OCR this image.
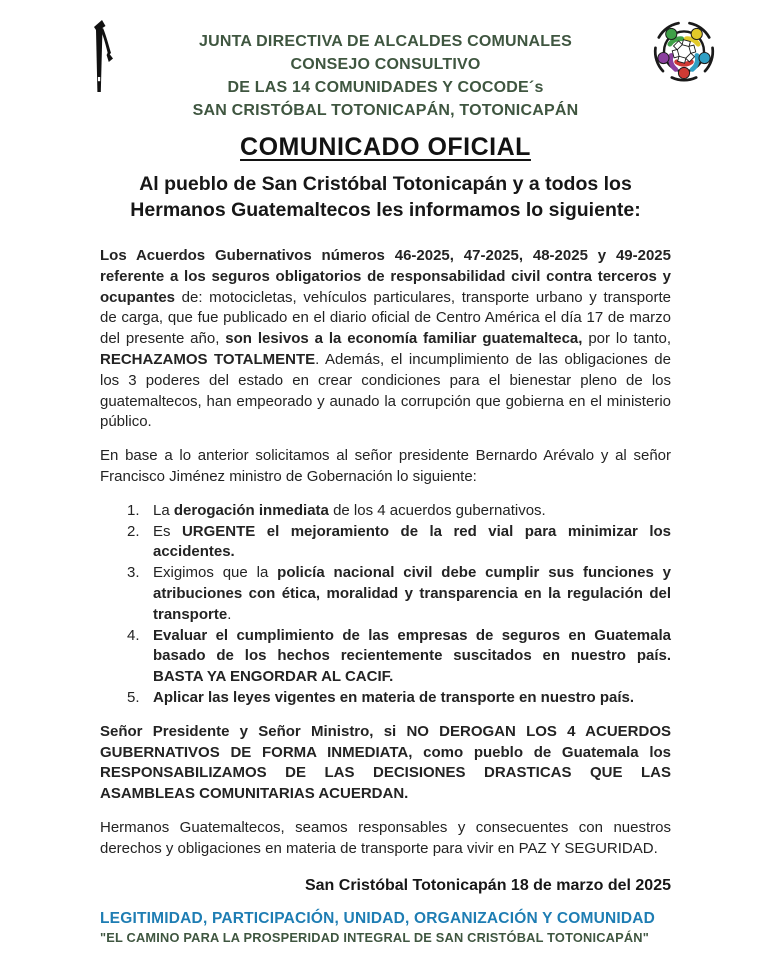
JUNTA DIRECTIVA DE ALCALDES COMUNALES
CONSEJO CONSULTIVO
DE LAS 14 COMUNIDADES Y COCODE´s
SAN CRISTÓBAL TOTONICAPÁN, TOTONICAPÁN
COMUNICADO OFICIAL
Al pueblo de San Cristóbal Totonicapán y a todos los
Hermanos Guatemaltecos les informamos lo siguiente:

Los Acuerdos Gubernativos números 46-2025, 47-2025, 48-2025 y 49-2025 referente a los seguros obligatorios de responsabilidad civil contra terceros y ocupantes de: motocicletas, vehículos particulares, transporte urbano y transporte de carga, que fue publicado en el diario oficial de Centro América el día 17 de marzo del presente año, son lesivos a la economía familiar guatemalteca, por lo tanto, RECHAZAMOS TOTALMENTE. Además, el incumplimiento de las obligaciones de los 3 poderes del estado en crear condiciones para el bienestar pleno de los guatemaltecos, han empeorado y aunado la corrupción que gobierna en el ministerio público.

En base a lo anterior solicitamos al señor presidente Bernardo Arévalo y al señor Francisco Jiménez ministro de Gobernación lo siguiente:

1. La derogación inmediata de los 4 acuerdos gubernativos.
2. Es URGENTE el mejoramiento de la red vial para minimizar los accidentes.
3. Exigimos que la policía nacional civil debe cumplir sus funciones y atribuciones con ética, moralidad y transparencia en la regulación del transporte.
4. Evaluar el cumplimiento de las empresas de seguros en Guatemala basado de los hechos recientemente suscitados en nuestro país. BASTA YA ENGORDAR AL CACIF.
5. Aplicar las leyes vigentes en materia de transporte en nuestro país.

Señor Presidente y Señor Ministro, si NO DEROGAN LOS 4 ACUERDOS GUBERNATIVOS DE FORMA INMEDIATA, como pueblo de Guatemala los RESPONSABILIZAMOS DE LAS DECISIONES DRASTICAS QUE LAS ASAMBLEAS COMUNITARIAS ACUERDAN.

Hermanos Guatemaltecos, seamos responsables y consecuentes con nuestros derechos y obligaciones en materia de transporte para vivir en PAZ Y SEGURIDAD.

San Cristóbal Totonicapán 18 de marzo del 2025
LEGITIMIDAD, PARTICIPACIÓN, UNIDAD, ORGANIZACIÓN Y COMUNIDAD
"EL CAMINO PARA LA PROSPERIDAD INTEGRAL DE SAN CRISTÓBAL TOTONICAPÁN"
